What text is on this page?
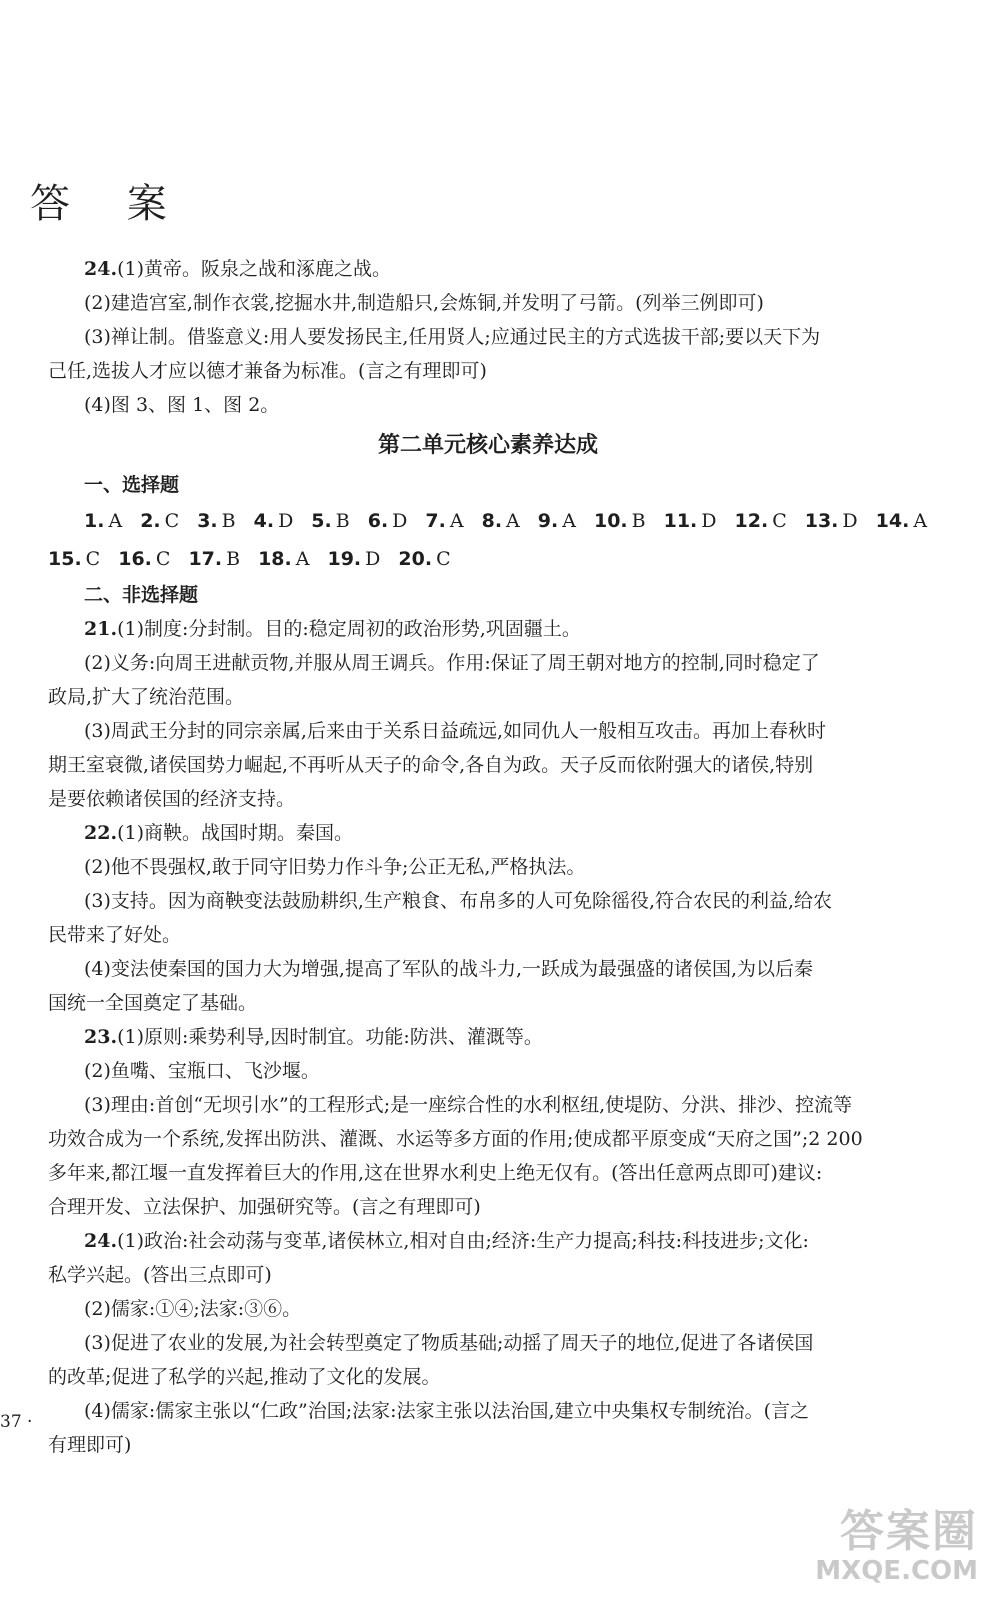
答 案
24.(1)黄帝。阪泉之战和涿鹿之战。
(2)建造宫室,制作衣裳,挖掘水井,制造船只,会炼铜,并发明了弓箭。(列举三例即可)
(3)禅让制。借鉴意义:用人要发扬民主,任用贤人;应通过民主的方式选拔干部;要以天下为
己任,选拔人才应以德才兼备为标准。(言之有理即可)
(4)图 3、图 1、图 2。
第二单元核心素养达成
一、选择题
1. A 2. C 3. B 4. D 5. B 6. D 7. A 8. A 9. A 10. B 11. D 12. C 13. D 14. A
15. C 16. C 17. B 18. A 19. D 20. C
二、非选择题
21.(1)制度:分封制。目的:稳定周初的政治形势,巩固疆土。
(2)义务:向周王进献贡物,并服从周王调兵。作用:保证了周王朝对地方的控制,同时稳定了
政局,扩大了统治范围。
(3)周武王分封的同宗亲属,后来由于关系日益疏远,如同仇人一般相互攻击。再加上春秋时
期王室衰微,诸侯国势力崛起,不再听从天子的命令,各自为政。天子反而依附强大的诸侯,特别
是要依赖诸侯国的经济支持。
22.(1)商鞅。战国时期。秦国。
(2)他不畏强权,敢于同守旧势力作斗争;公正无私,严格执法。
(3)支持。因为商鞅变法鼓励耕织,生产粮食、布帛多的人可免除徭役,符合农民的利益,给农
民带来了好处。
(4)变法使秦国的国力大为增强,提高了军队的战斗力,一跃成为最强盛的诸侯国,为以后秦
国统一全国奠定了基础。
23.(1)原则:乘势利导,因时制宜。功能:防洪、灌溉等。
(2)鱼嘴、宝瓶口、飞沙堰。
(3)理由:首创“无坝引水”的工程形式;是一座综合性的水利枢纽,使堤防、分洪、排沙、控流等
功效合成为一个系统,发挥出防洪、灌溉、水运等多方面的作用;使成都平原变成“天府之国”;2 200
多年来,都江堰一直发挥着巨大的作用,这在世界水利史上绝无仅有。(答出任意两点即可)建议:
合理开发、立法保护、加强研究等。(言之有理即可)
24.(1)政治:社会动荡与变革,诸侯林立,相对自由;经济:生产力提高;科技:科技进步;文化:
私学兴起。(答出三点即可)
(2)儒家:①④;法家:③⑥。
(3)促进了农业的发展,为社会转型奠定了物质基础;动摇了周天子的地位,促进了各诸侯国
的改革;促进了私学的兴起,推动了文化的发展。
(4)儒家:儒家主张以“仁政”治国;法家:法家主张以法治国,建立中央集权专制统治。(言之
有理即可)
37 ·
答案圈
MXQE.COM
